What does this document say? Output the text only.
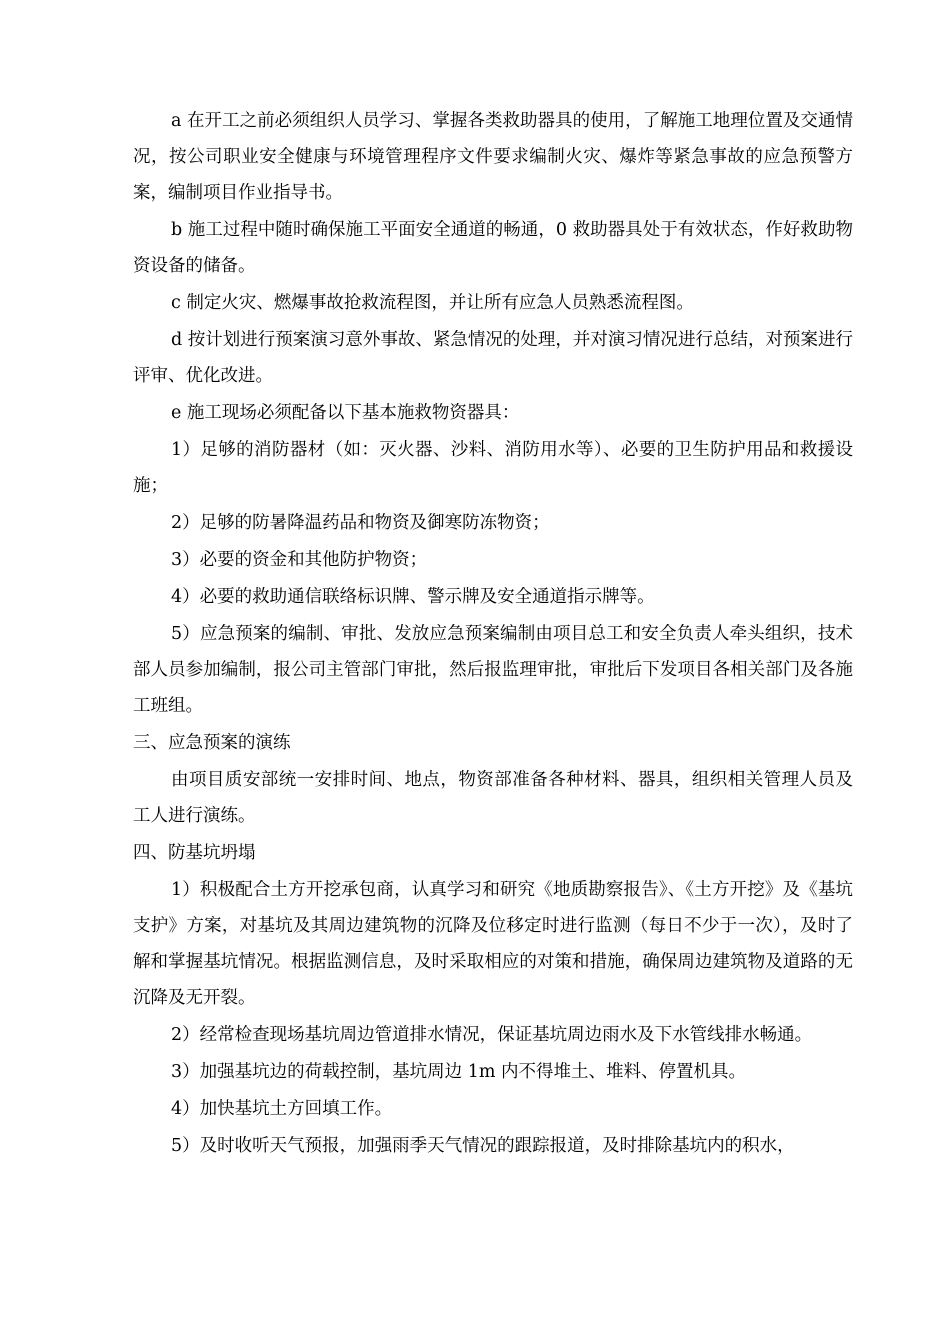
a 在开工之前必须组织人员学习、掌握各类救助器具的使用，了解施工地理位置及交通情况，按公司职业安全健康与环境管理程序文件要求编制火灾、爆炸等紧急事故的应急预警方案，编制项目作业指导书。

b 施工过程中随时确保施工平面安全通道的畅通，0 救助器具处于有效状态，作好救助物资设备的储备。

c 制定火灾、燃爆事故抢救流程图，并让所有应急人员熟悉流程图。

d 按计划进行预案演习意外事故、紧急情况的处理，并对演习情况进行总结，对预案进行评审、优化改进。

e 施工现场必须配备以下基本施救物资器具：

1）足够的消防器材（如：灭火器、沙料、消防用水等）、必要的卫生防护用品和救援设施；

2）足够的防暑降温药品和物资及御寒防冻物资；

3）必要的资金和其他防护物资；

4）必要的救助通信联络标识牌、警示牌及安全通道指示牌等。

5）应急预案的编制、审批、发放应急预案编制由项目总工和安全负责人牵头组织，技术部人员参加编制，报公司主管部门审批，然后报监理审批，审批后下发项目各相关部门及各施工班组。

三、应急预案的演练

由项目质安部统一安排时间、地点，物资部准备各种材料、器具，组织相关管理人员及工人进行演练。

四、防基坑坍塌

1）积极配合土方开挖承包商，认真学习和研究《地质勘察报告》、《土方开挖》及《基坑支护》方案，对基坑及其周边建筑物的沉降及位移定时进行监测（每日不少于一次），及时了解和掌握基坑情况。根据监测信息，及时采取相应的对策和措施，确保周边建筑物及道路的无沉降及无开裂。

2）经常检查现场基坑周边管道排水情况，保证基坑周边雨水及下水管线排水畅通。

3）加强基坑边的荷载控制，基坑周边 1m 内不得堆土、堆料、停置机具。

4）加快基坑土方回填工作。

5）及时收听天气预报，加强雨季天气情况的跟踪报道，及时排除基坑内的积水，
